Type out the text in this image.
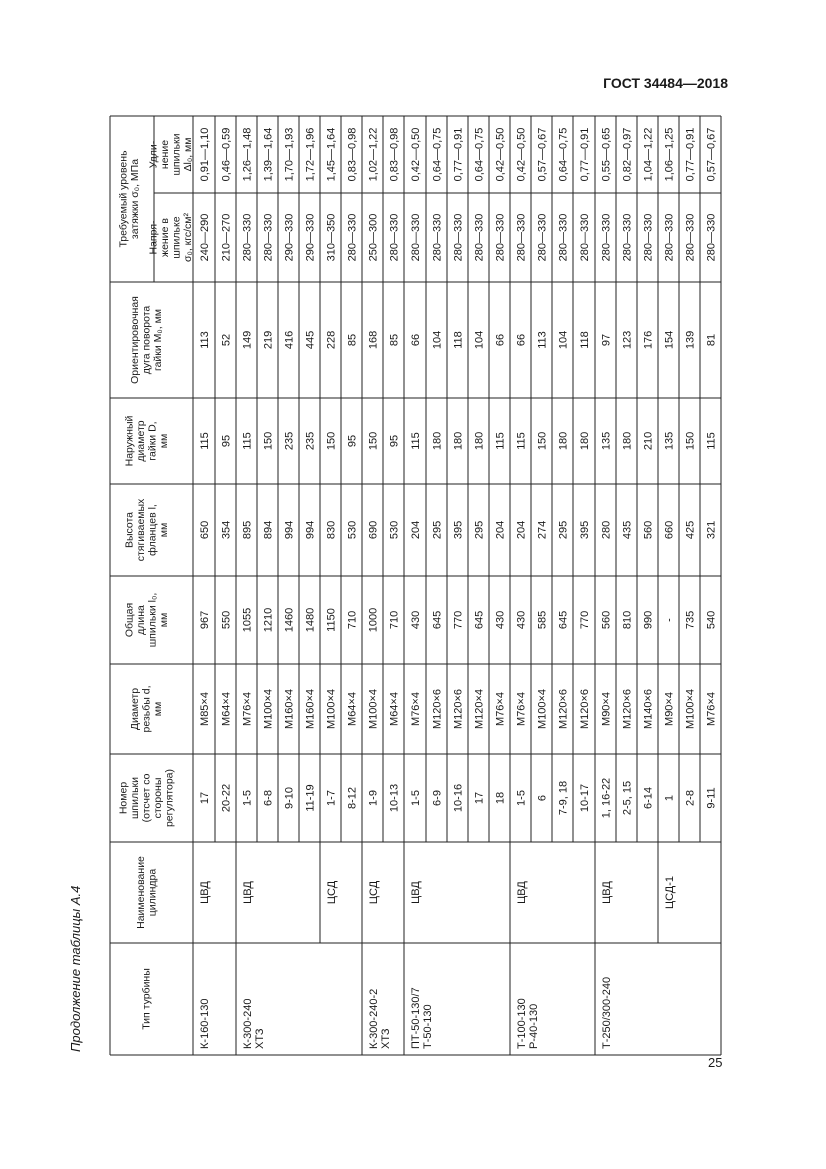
ГОСТ 34484—2018
Продолжение таблицы А.4
25
Тип турбины
Наименование цилиндра
Номер шпильки (отсчет со стороны регулятора)
Диаметр резьбы d, мм
Общая длина шпильки l₀, мм
Высота стягиваемых фланцев l, мм
Наружный диаметр гайки D, мм
Ориентировочная дуга поворота гайки M₀, мм
Напря- жение в шпильке σ₀, кгс/см²
Удли- нение шпильки Δl₀, мм
Требуемый уровень затяжки σ₀, МПа
К-160-130
ЦВД
17
М85×4
967
650
115
113
240—290
0,91—1,10
20-22
М64×4
550
354
95
52
210—270
0,46—0,59
К-300-240 ХТЗ
ЦВД
1-5
М76×4
1055
895
115
149
280—330
1,26—1,48
6-8
М100×4
1210
894
150
219
280—330
1,39—1,64
9-10
М160×4
1460
994
235
416
290—330
1,70—1,93
11-19
М160×4
1480
994
235
445
290—330
1,72—1,96
ЦСД
1-7
М100×4
1150
830
150
228
310—350
1,45—1,64
8-12
М64×4
710
530
95
85
280—330
0,83—0,98
К-300-240-2 ХТЗ
ЦСД
1-9
М100×4
1000
690
150
168
250—300
1,02—1,22
10-13
М64×4
710
530
95
85
280—330
0,83—0,98
ПТ-50-130/7 Т-50-130
ЦВД
1-5
М76×4
430
204
115
66
280—330
0,42—0,50
6-9
М120×6
645
295
180
104
280—330
0,64—0,75
10-16
М120×6
770
395
180
118
280—330
0,77—0,91
17
М120×4
645
295
180
104
280—330
0,64—0,75
18
М76×4
430
204
115
66
280—330
0,42—0,50
Т-100-130 Р-40-130
ЦВД
1-5
М76×4
430
204
115
66
280—330
0,42—0,50
6
М100×4
585
274
150
113
280—330
0,57—0,67
7-9, 18
М120×6
645
295
180
104
280—330
0,64—0,75
10-17
М120×6
770
395
180
118
280—330
0,77—0,91
Т-250/300-240
ЦВД
1, 16-22
М90×4
560
280
135
97
280—330
0,55—0,65
2-5, 15
М120×6
810
435
180
123
280—330
0,82—0,97
6-14
М140×6
990
560
210
176
280—330
1,04—1,22
ЦСД-1
1
М90×4
-
660
135
154
280—330
1,06—1,25
2-8
М100×4
735
425
150
139
280—330
0,77—0,91
9-11
М76×4
540
321
115
81
280—330
0,57—0,67
